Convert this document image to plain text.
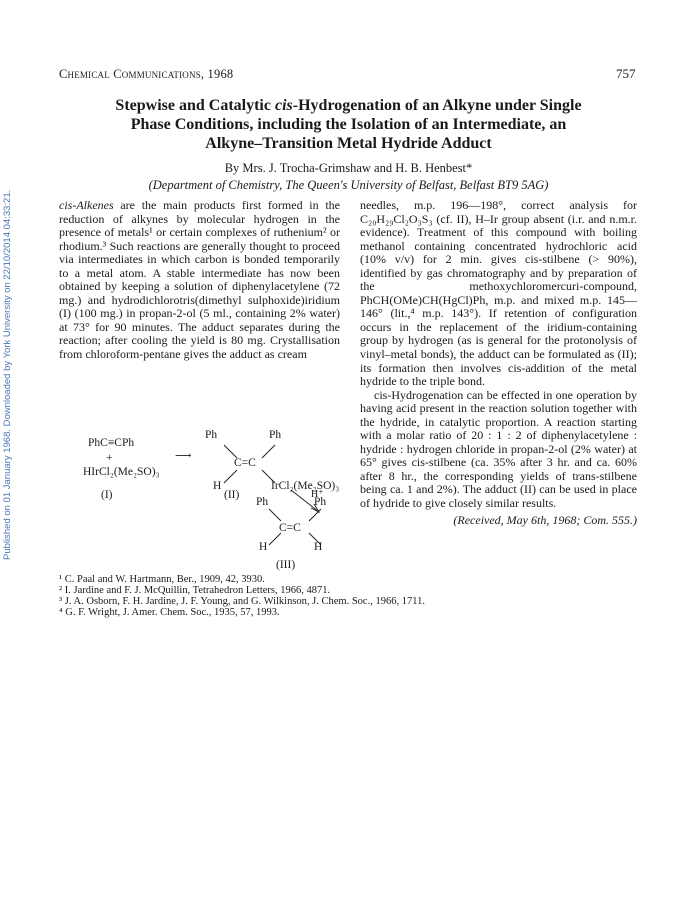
Chemical Communications, 1968	757
Published on 01 January 1968. Downloaded by York University on 22/10/2014 04:33:21.
Stepwise and Catalytic cis-Hydrogenation of an Alkyne under Single
Phase Conditions, including the Isolation of an Intermediate, an
Alkyne–Transition Metal Hydride Adduct
By Mrs. J. Trocha-Grimshaw and H. B. Henbest*
(Department of Chemistry, The Queen's University of Belfast, Belfast BT9 5AG)

cis-Alkenes are the main products first formed in the reduction of alkynes by molecular hydrogen in the presence of metals¹ or certain complexes of ruthenium² or rhodium.³ Such reactions are generally thought to proceed via intermediates in which carbon is bonded temporarily to a metal atom. A stable intermediate has now been obtained by keeping a solution of diphenylacetylene (72 mg.) and hydrodichlorotris(dimethyl sulphoxide)iridium (I) (100 mg.) in propan-2-ol (5 ml., containing 2% water) at 73° for 90 minutes. The adduct separates during the reaction; after cooling the yield is 80 mg. Crystallisation from chloroform-pentane gives the adduct as cream

PhC≡CPh
+
HIrCl₂(Me₂SO)₃
(I)
⟶
Ph	Ph
C=C
H	IrCl₂(Me₂SO)₃
(II)	H⁺
Ph	Ph
C=C
H	H
(III)

needles, m.p. 196—198°, correct analysis for C₂₀H₂₉Cl₂O₃S₃ (cf. II), H–Ir group absent (i.r. and n.m.r. evidence). Treatment of this compound with boiling methanol containing concentrated hydrochloric acid (10% v/v) for 2 min. gives cis-stilbene (> 90%), identified by gas chromatography and by preparation of the methoxychloromercuri-compound, PhCH(OMe)CH(HgCl)Ph, m.p. and mixed m.p. 145—146° (lit.,⁴ m.p. 143°). If retention of configuration occurs in the replacement of the iridium-containing group by hydrogen (as is general for the protonolysis of vinyl–metal bonds), the adduct can be formulated as (II); its formation then involves cis-addition of the metal hydride to the triple bond.

cis-Hydrogenation can be effected in one operation by having acid present in the reaction solution together with the hydride, in catalytic proportion. A reaction starting with a molar ratio of 20 : 1 : 2 of diphenylacetylene : hydride : hydrogen chloride in propan-2-ol (2% water) at 65° gives cis-stilbene (ca. 35% after 3 hr. and ca. 60% after 8 hr., the corresponding yields of trans-stilbene being ca. 1 and 2%). The adduct (II) can be used in place of hydride to give closely similar results.

(Received, May 6th, 1968; Com. 555.)

¹ C. Paal and W. Hartmann, Ber., 1909, 42, 3930.
² I. Jardine and F. J. McQuillin, Tetrahedron Letters, 1966, 4871.
³ J. A. Osborn, F. H. Jardine, J. F. Young, and G. Wilkinson, J. Chem. Soc., 1966, 1711.
⁴ G. F. Wright, J. Amer. Chem. Soc., 1935, 57, 1993.
